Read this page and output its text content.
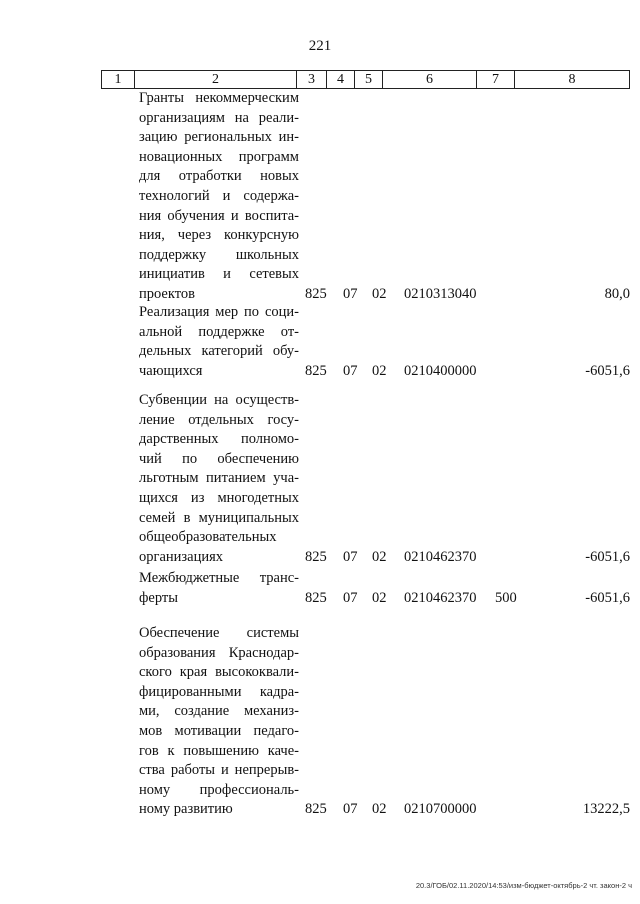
221
1	2	3	4	5	6	7	8
Гранты некоммерческим
организациям на реали-
зацию региональных ин-
новационных программ
для отработки новых
технологий и содержа-
ния обучения и воспита-
ния, через конкурсную
поддержку школьных
инициатив и сетевых
проектов	825 07 02 0210313040	80,0
Реализация мер по соци-
альной поддержке от-
дельных категорий обу-
чающихся	825 07 02 0210400000	-6051,6
Субвенции на осуществ-
ление отдельных госу-
дарственных полномо-
чий по обеспечению
льготным питанием уча-
щихся из многодетных
семей в муниципальных
общеобразовательных
организациях	825 07 02 0210462370	-6051,6
Межбюджетные транс-
ферты	825 07 02 0210462370 500	-6051,6
Обеспечение системы
образования Краснодар-
ского края высококвали-
фицированными кадра-
ми, создание механиз-
мов мотивации педаго-
гов к повышению каче-
ства работы и непрерыв-
ному профессиональ-
ному развитию	825 07 02 0210700000	13222,5
20.3/ГОБ/02.11.2020/14:53/изм-бюджет-октябрь-2 чт. закон-2 ч
